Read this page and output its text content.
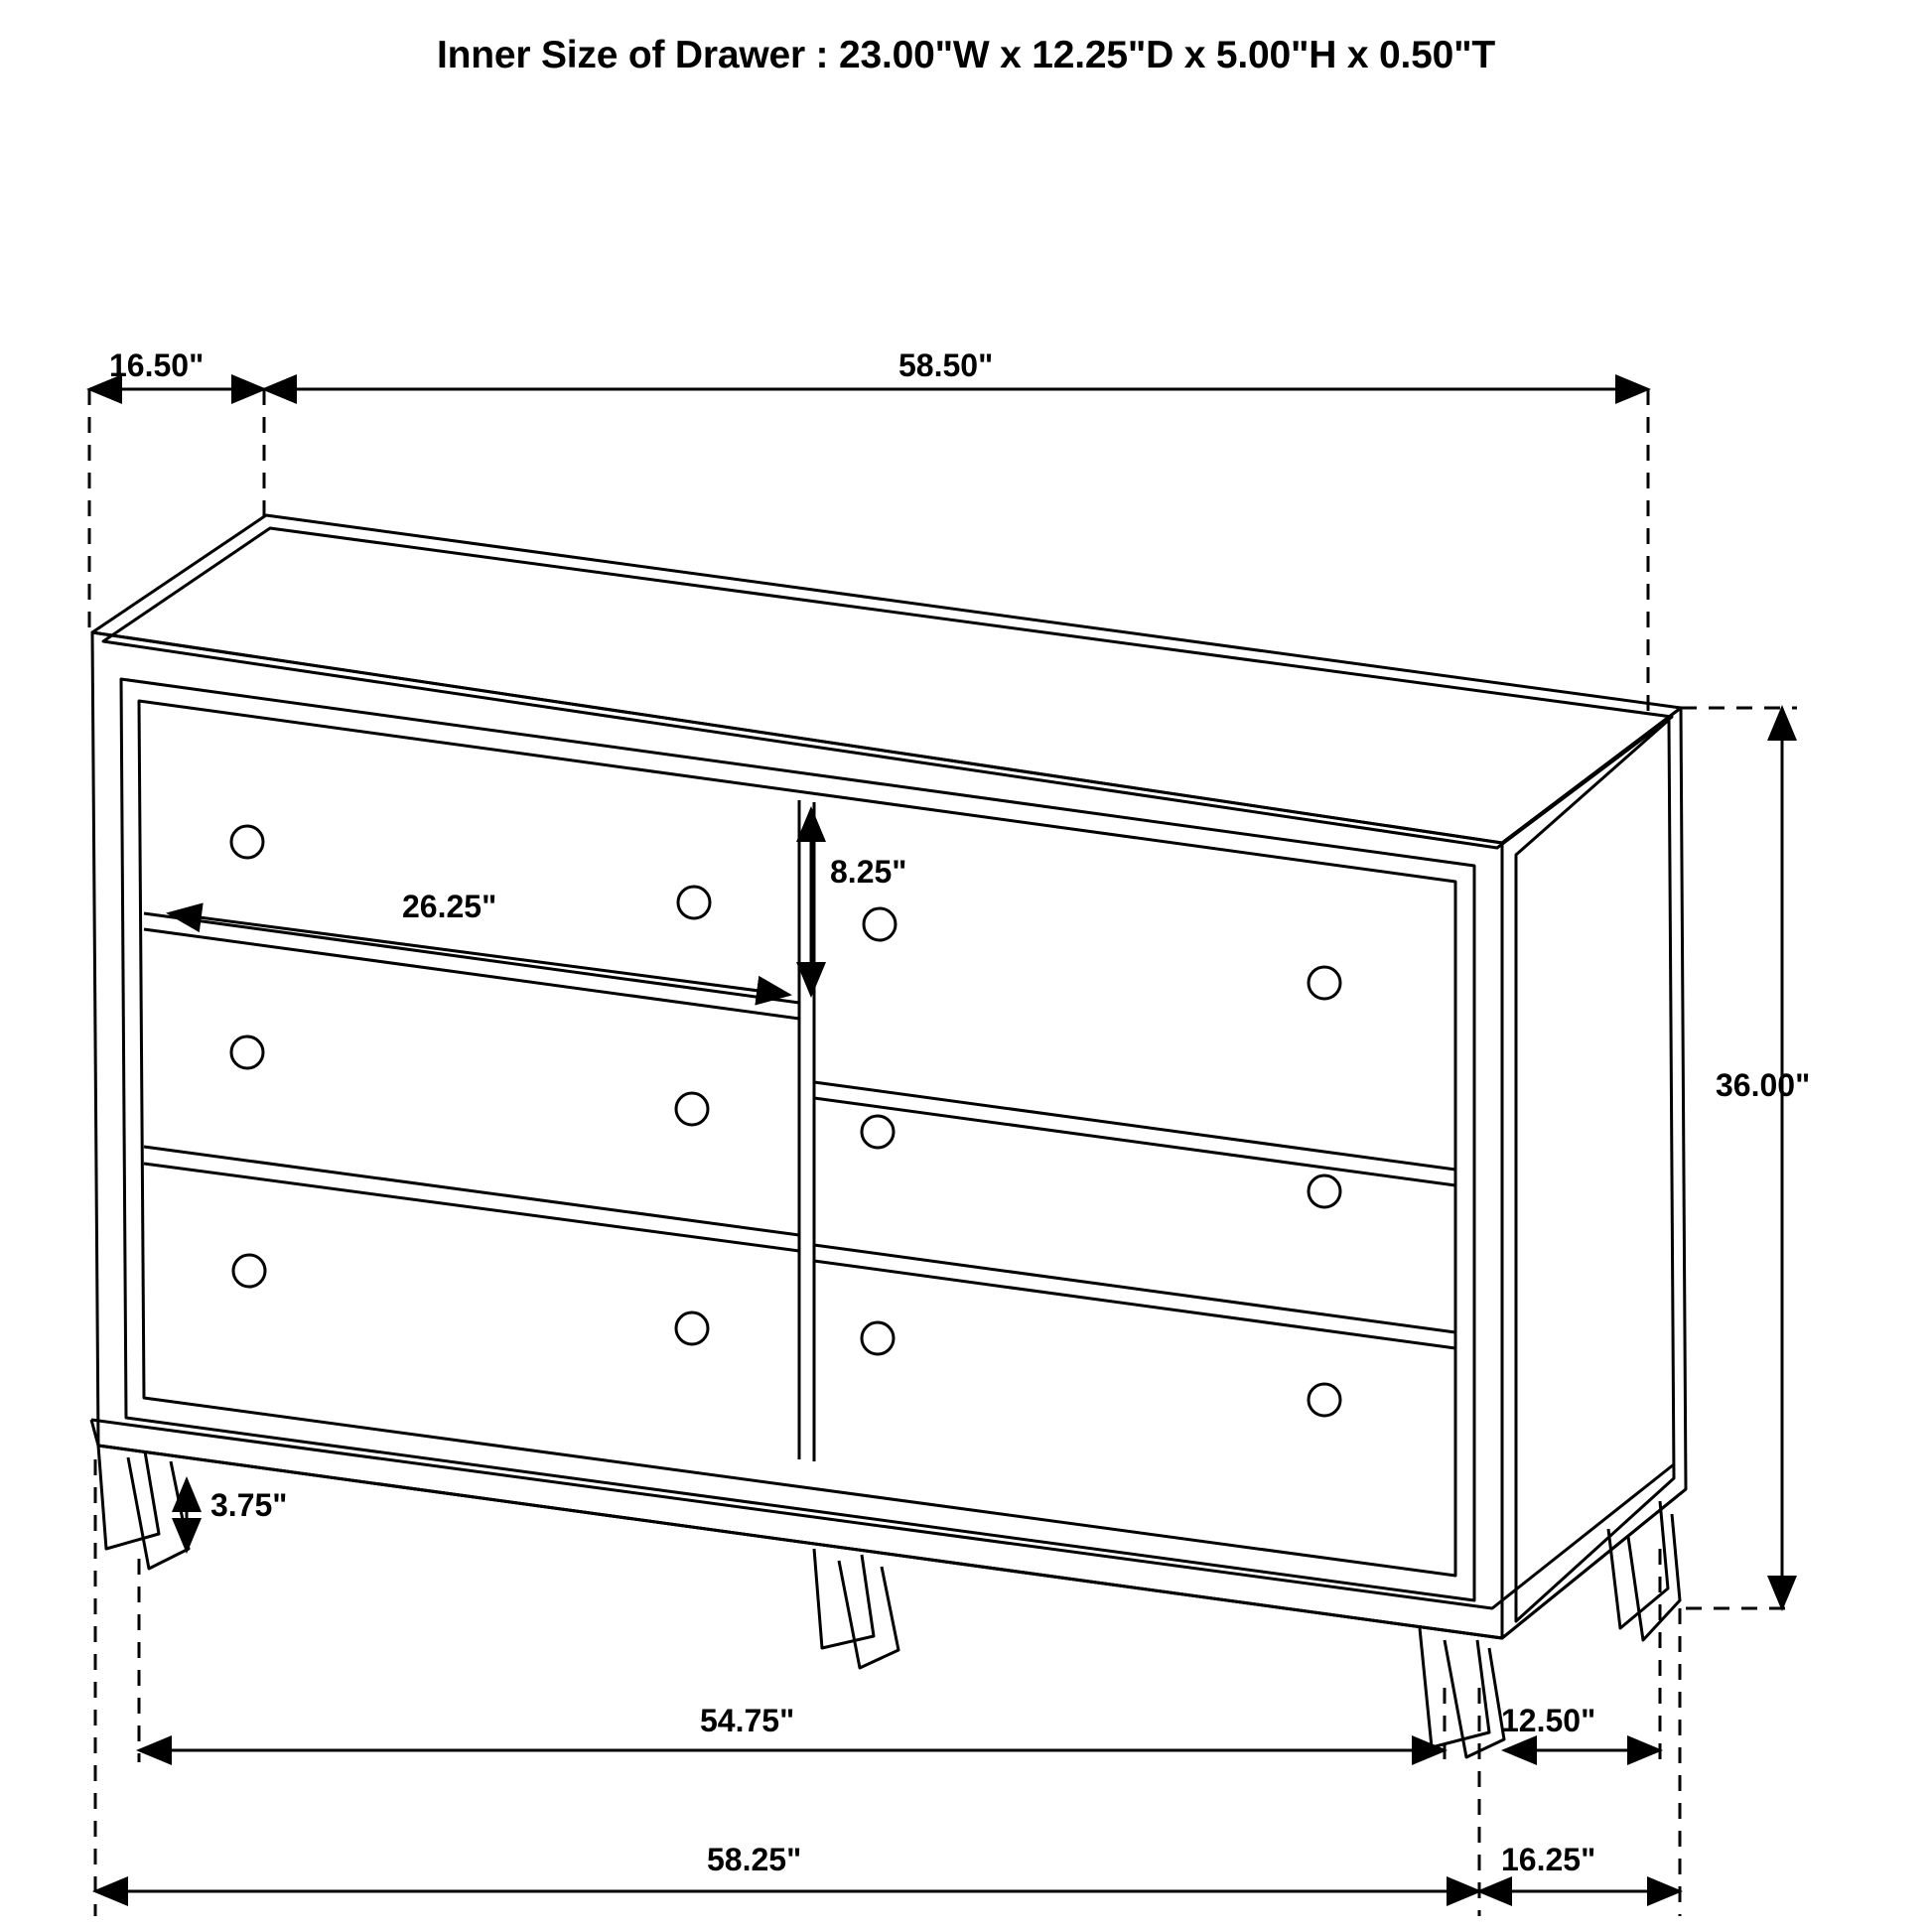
Inner Size of Drawer : 23.00"W x 12.25"D x 5.00"H x 0.50"T
16.50"	58.50"
26.25"
8.25"
36.00"
3.75"
54.75"
58.25"
12.50"
16.25"
